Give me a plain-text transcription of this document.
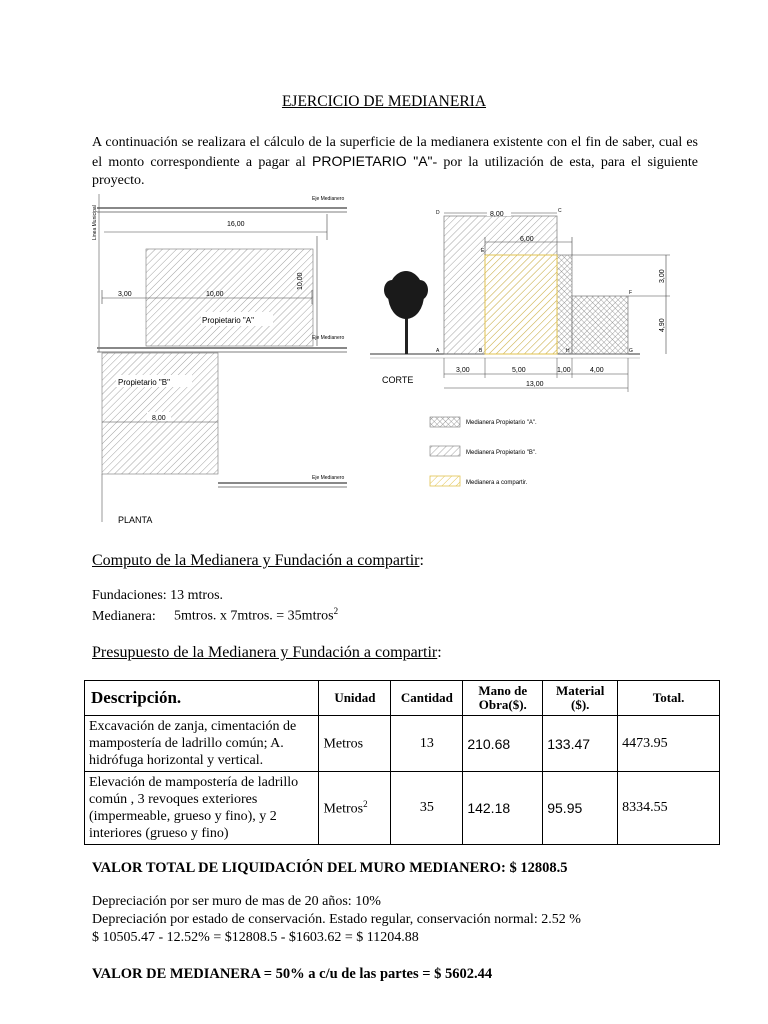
EJERCICIO DE MEDIANERIA
A continuación se realizara el cálculo de la superficie de la medianera existente con el fin de saber, cual es el monto correspondiente a pagar al PROPIETARIO "A"- por la utilización de esta, para el siguiente proyecto.
Eje Medianero
Linea Municipal	16,00
Propietario "A"
3,00	10,00
10,00
Eje Medianero
Propietario "B"
8,00
Eje Medianero
PLANTA
8,00
6,00
3,00
4,90
A	B
C
D
E
F
G
H
3,00	5,00	1,00	4,00
13,00
CORTE
Medianera Propietario "A".
Medianera Propietario "B".
Medianera a compartir.
Computo de la Medianera y Fundación a compartir:
Fundaciones: 13 mtros.
Medianera: 5mtros. x 7mtros. = 35mtros$^2$
Presupuesto de la Medianera y Fundación a compartir:
Descripción.	Unidad	Cantidad	Mano de Obra($).	Material ($).	Total.
Excavación de zanja, cimentación de mampostería de ladrillo común; A. hidrófuga horizontal y vertical.	Metros	13	210.68	133.47	4473.95
Elevación de mampostería de ladrillo común , 3 revoques exteriores (impermeable, grueso y fino), y 2 interiores (grueso y fino)	Metros$^2$	35	142.18	95.95	8334.55
VALOR TOTAL DE LIQUIDACIÓN DEL MURO MEDIANERO: $ 12808.5
Depreciación por ser muro de mas de 20 años: 10%
Depreciación por estado de conservación. Estado regular, conservación normal: 2.52 %
$ 10505.47 - 12.52% = $12808.5 - $1603.62 = $ 11204.88
VALOR DE MEDIANERA = 50% a c/u de las partes = $ 5602.44
